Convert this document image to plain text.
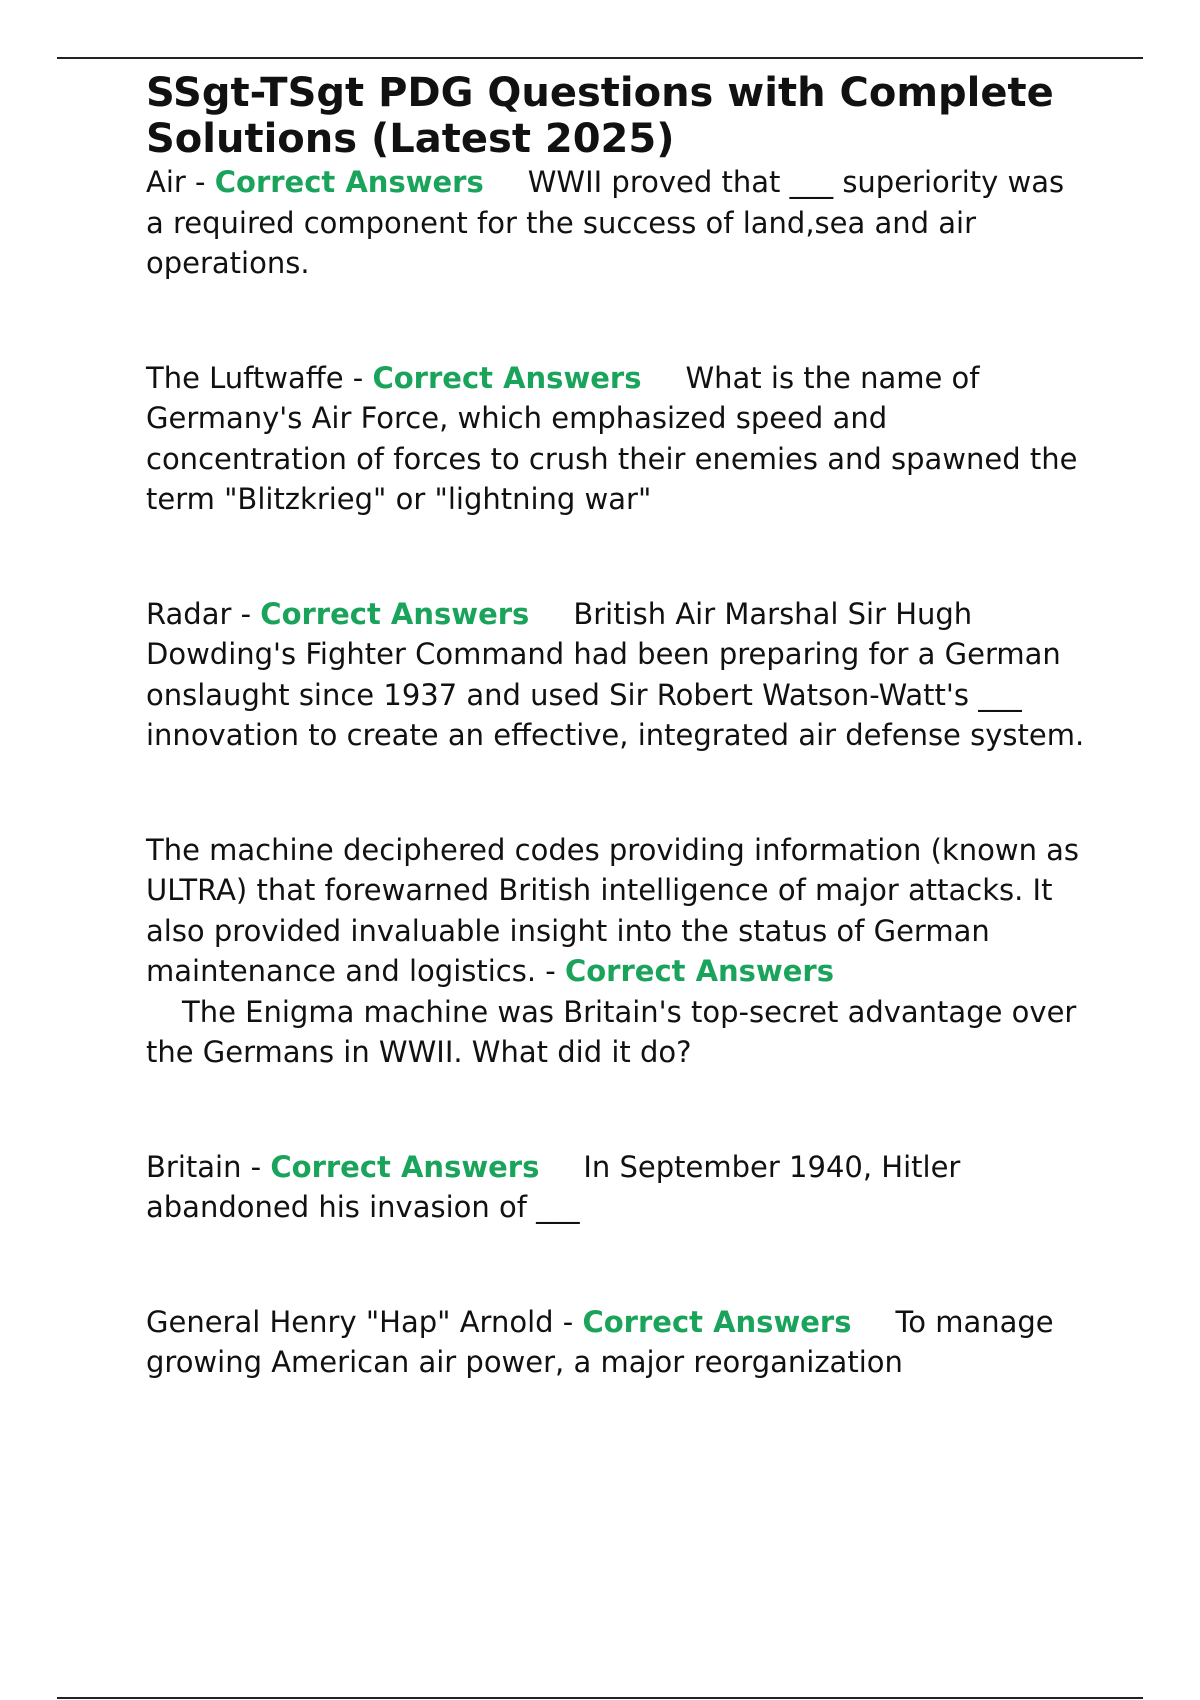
SSgt-TSgt PDG Questions with Complete Solutions (Latest 2025)

Air - Correct Answers WWII proved that ___ superiority was a required component for the success of land,sea and air operations.

The Luftwaffe - Correct Answers What is the name of Germany's Air Force, which emphasized speed and concentration of forces to crush their enemies and spawned the term "Blitzkrieg" or "lightning war"

Radar - Correct Answers British Air Marshal Sir Hugh Dowding's Fighter Command had been preparing for a German onslaught since 1937 and used Sir Robert Watson-Watt's ___ innovation to create an effective, integrated air defense system.

The machine deciphered codes providing information (known as ULTRA) that forewarned British intelligence of major attacks. It also provided invaluable insight into the status of German maintenance and logistics. - Correct Answers
The Enigma machine was Britain's top-secret advantage over the Germans in WWII. What did it do?

Britain - Correct Answers In September 1940, Hitler abandoned his invasion of ___

General Henry "Hap" Arnold - Correct Answers To manage growing American air power, a major reorganization
